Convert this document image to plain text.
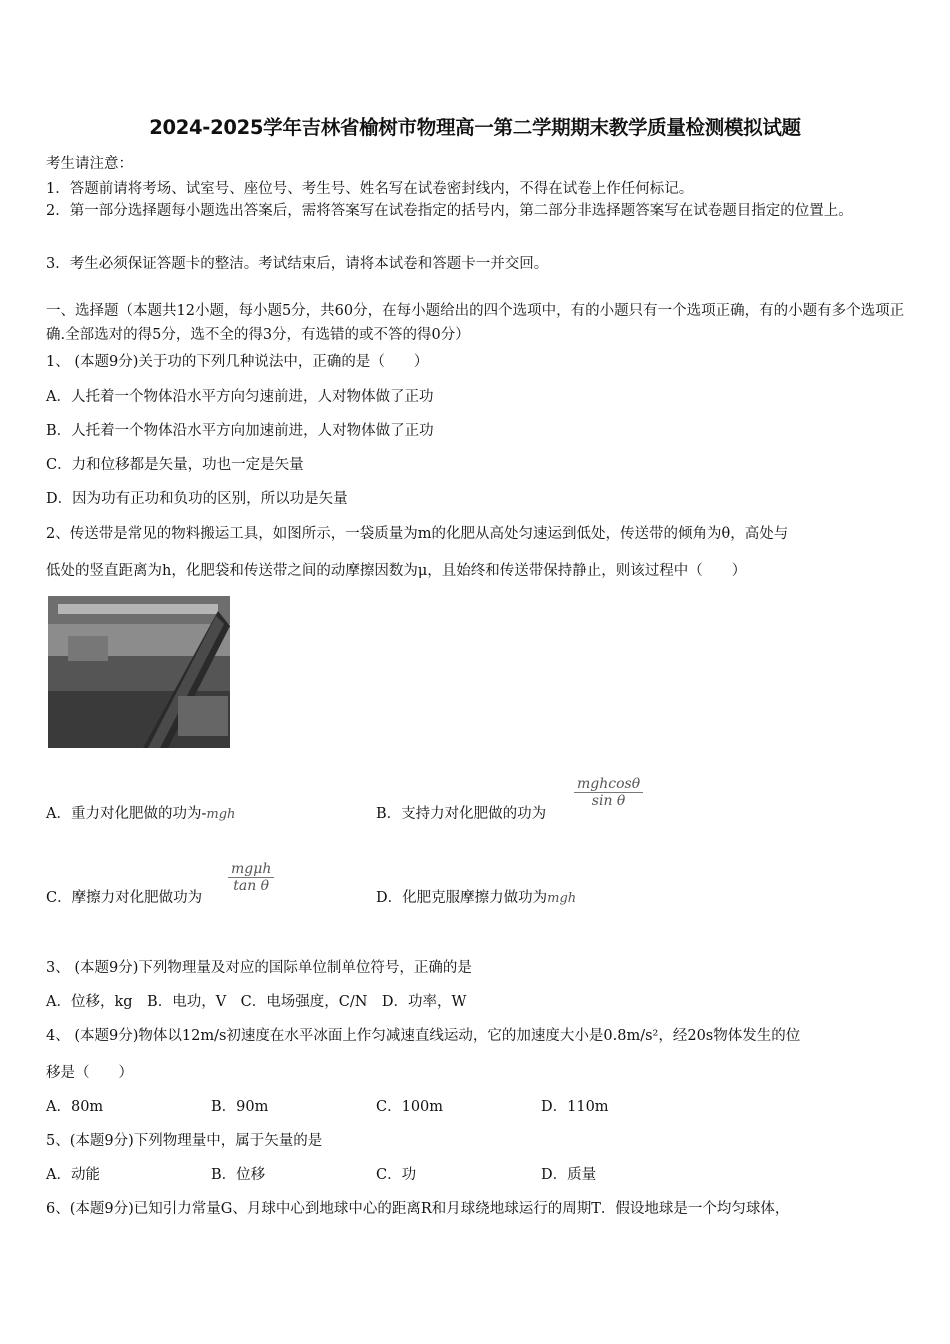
2024-2025学年吉林省榆树市物理高一第二学期期末教学质量检测模拟试题
考生请注意：
1．答题前请将考场、试室号、座位号、考生号、姓名写在试卷密封线内，不得在试卷上作任何标记。
2．第一部分选择题每小题选出答案后，需将答案写在试卷指定的括号内，第二部分非选择题答案写在试卷题目指定的位置上。
3．考生必须保证答题卡的整洁。考试结束后，请将本试卷和答题卡一并交回。
一、选择题（本题共12小题，每小题5分，共60分，在每小题给出的四个选项中，有的小题只有一个选项正确，有的小题有多个选项正确.全部选对的得5分，选不全的得3分，有选错的或不答的得0分）
1、 (本题9分)关于功的下列几种说法中，正确的是（　　）
A．人托着一个物体沿水平方向匀速前进，人对物体做了正功
B．人托着一个物体沿水平方向加速前进，人对物体做了正功
C．力和位移都是矢量，功也一定是矢量
D．因为功有正功和负功的区别，所以功是矢量
2、传送带是常见的物料搬运工具，如图所示，一袋质量为m的化肥从高处匀速运到低处，传送带的倾角为θ，高处与
低处的竖直距离为h，化肥袋和传送带之间的动摩擦因数为μ，且始终和传送带保持静止，则该过程中（　　）
A．重力对化肥做的功为-mgh	B．支持力对化肥做的功为
mghcosθ
sin θ
C．摩擦力对化肥做功为
mgμh
tan θ
D．化肥克服摩擦力做功为mgh
3、 (本题9分)下列物理量及对应的国际单位制单位符号，正确的是
A．位移，kg　B．电功，V　C．电场强度，C/N　D．功率，W
4、 (本题9分)物体以12m/s初速度在水平冰面上作匀减速直线运动，它的加速度大小是0.8m/s²，经20s物体发生的位
移是（　　）
A．80m	B．90m	C．100m	D．110m
5、(本题9分)下列物理量中，属于矢量的是
A．动能	B．位移	C．功	D．质量
6、(本题9分)已知引力常量G、月球中心到地球中心的距离R和月球绕地球运行的周期T．假设地球是一个均匀球体，
